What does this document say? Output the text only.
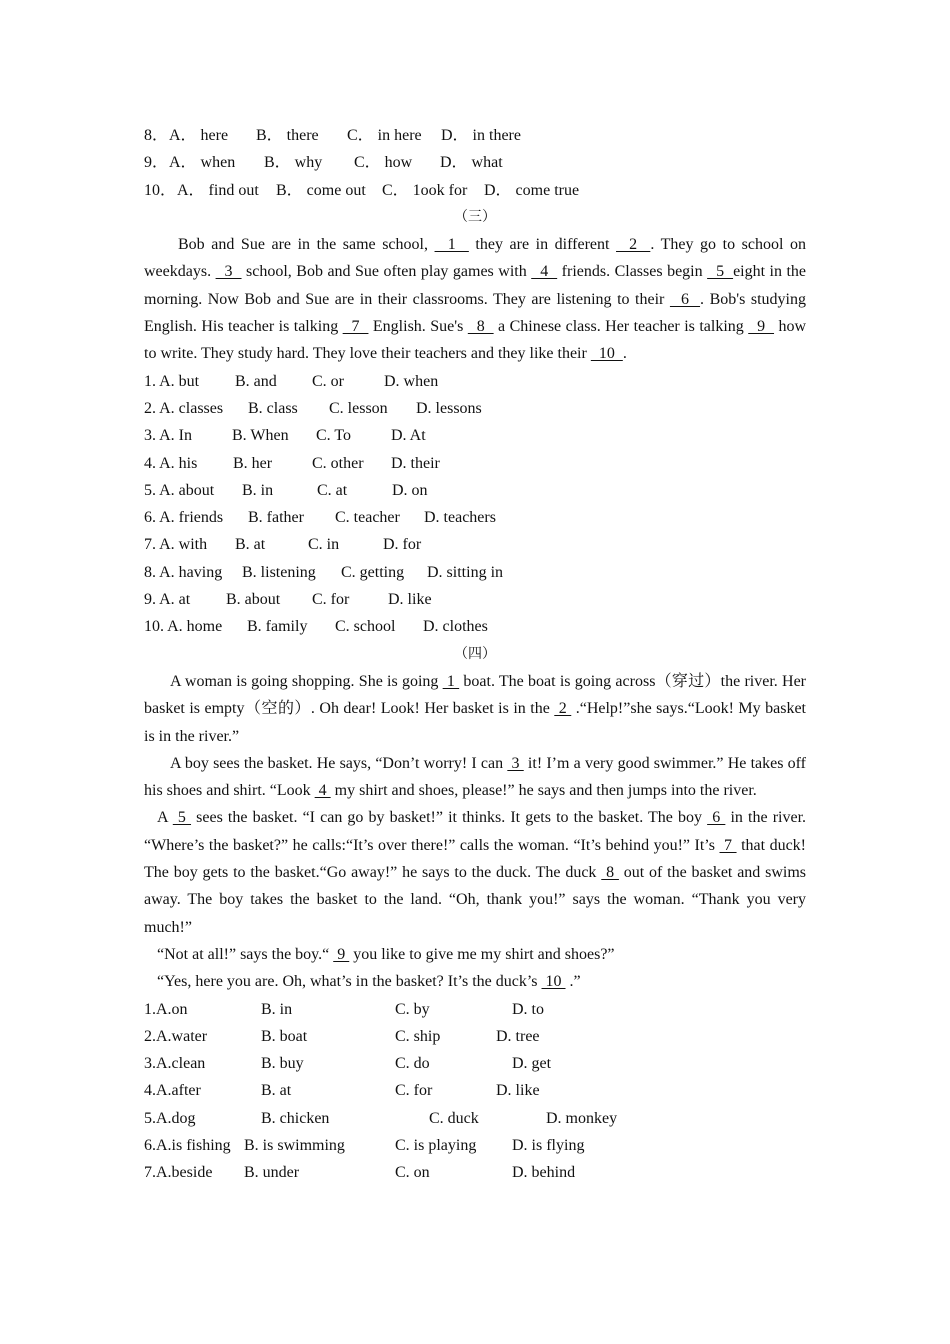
8． A． here B． there C． in here D． in there
9． A． when B． why C． how D． what
10． A． find out B． come out C． 1ook for D． come true
（三）

Bob and Sue are in the same school,   1   they are in different   2  . They go to school on weekdays.   3   school, Bob and Sue often play games with   4   friends. Classes begin   5  eight in the morning. Now Bob and Sue are in their classrooms. They are listening to their   6  . Bob's studying English. His teacher is talking   7   English. Sue's   8   a Chinese class. Her teacher is talking   9   how to write. They study hard. They love their teachers and they like their   10  .

1. A. but B. and C. or	D. when
2. A. classes B. class C. lesson D. lessons
3. A. In	B. When C. To D. At
4. A. his B. her C. other D. their
5. A. about B. in	C. at	D. on
6. A. friends B. father C. teacher D. teachers
7. A. with B. at	C. in	D. for
8. A. having B. listening C. getting D. sitting in
9. A. at B. about C. for D. like
10. A. home B. family C. school D. clothes
（四）

A woman is going shopping. She is going  1  boat. The boat is going across（穿过）the river. Her basket is empty（空的）. Oh dear! Look! Her basket is in the  2  .“Help!”she says.“Look! My basket is in the river.”

A boy sees the basket. He says, “Don’t worry! I can  3  it! I’m a very good swimmer.” He takes off his shoes and shirt. “Look  4  my shirt and shoes, please!” he says and then jumps into the river.

A  5  sees the basket. “I can go by basket!” it thinks. It gets to the basket. The boy  6  in the river. “Where’s the basket?” he calls:“It’s over there!” calls the woman. “It’s behind you!” It’s  7  that duck! The boy gets to the basket.“Go away!” he says to the duck. The duck  8  out of the basket and swims away. The boy takes the basket to the land. “Oh, thank you!” says the woman. “Thank you very much!”

“Not at all!” says the boy.“  9  you like to give me my shirt and shoes?”

“Yes, here you are. Oh, what’s in the basket? It’s the duck’s  10  .”

1.A.on	B. in	C. by	D. to
2.A.water	B. boat	C. ship	D. tree
3.A.clean	B. buy	C. do	D. get
4.A.after	B. at	C. for	D. like
5.A.dog	B. chicken	C. duck	D. monkey
6.A.is fishing B. is swimming	C. is playing D. is flying
7.A.beside B. under	C. on	D. behind
